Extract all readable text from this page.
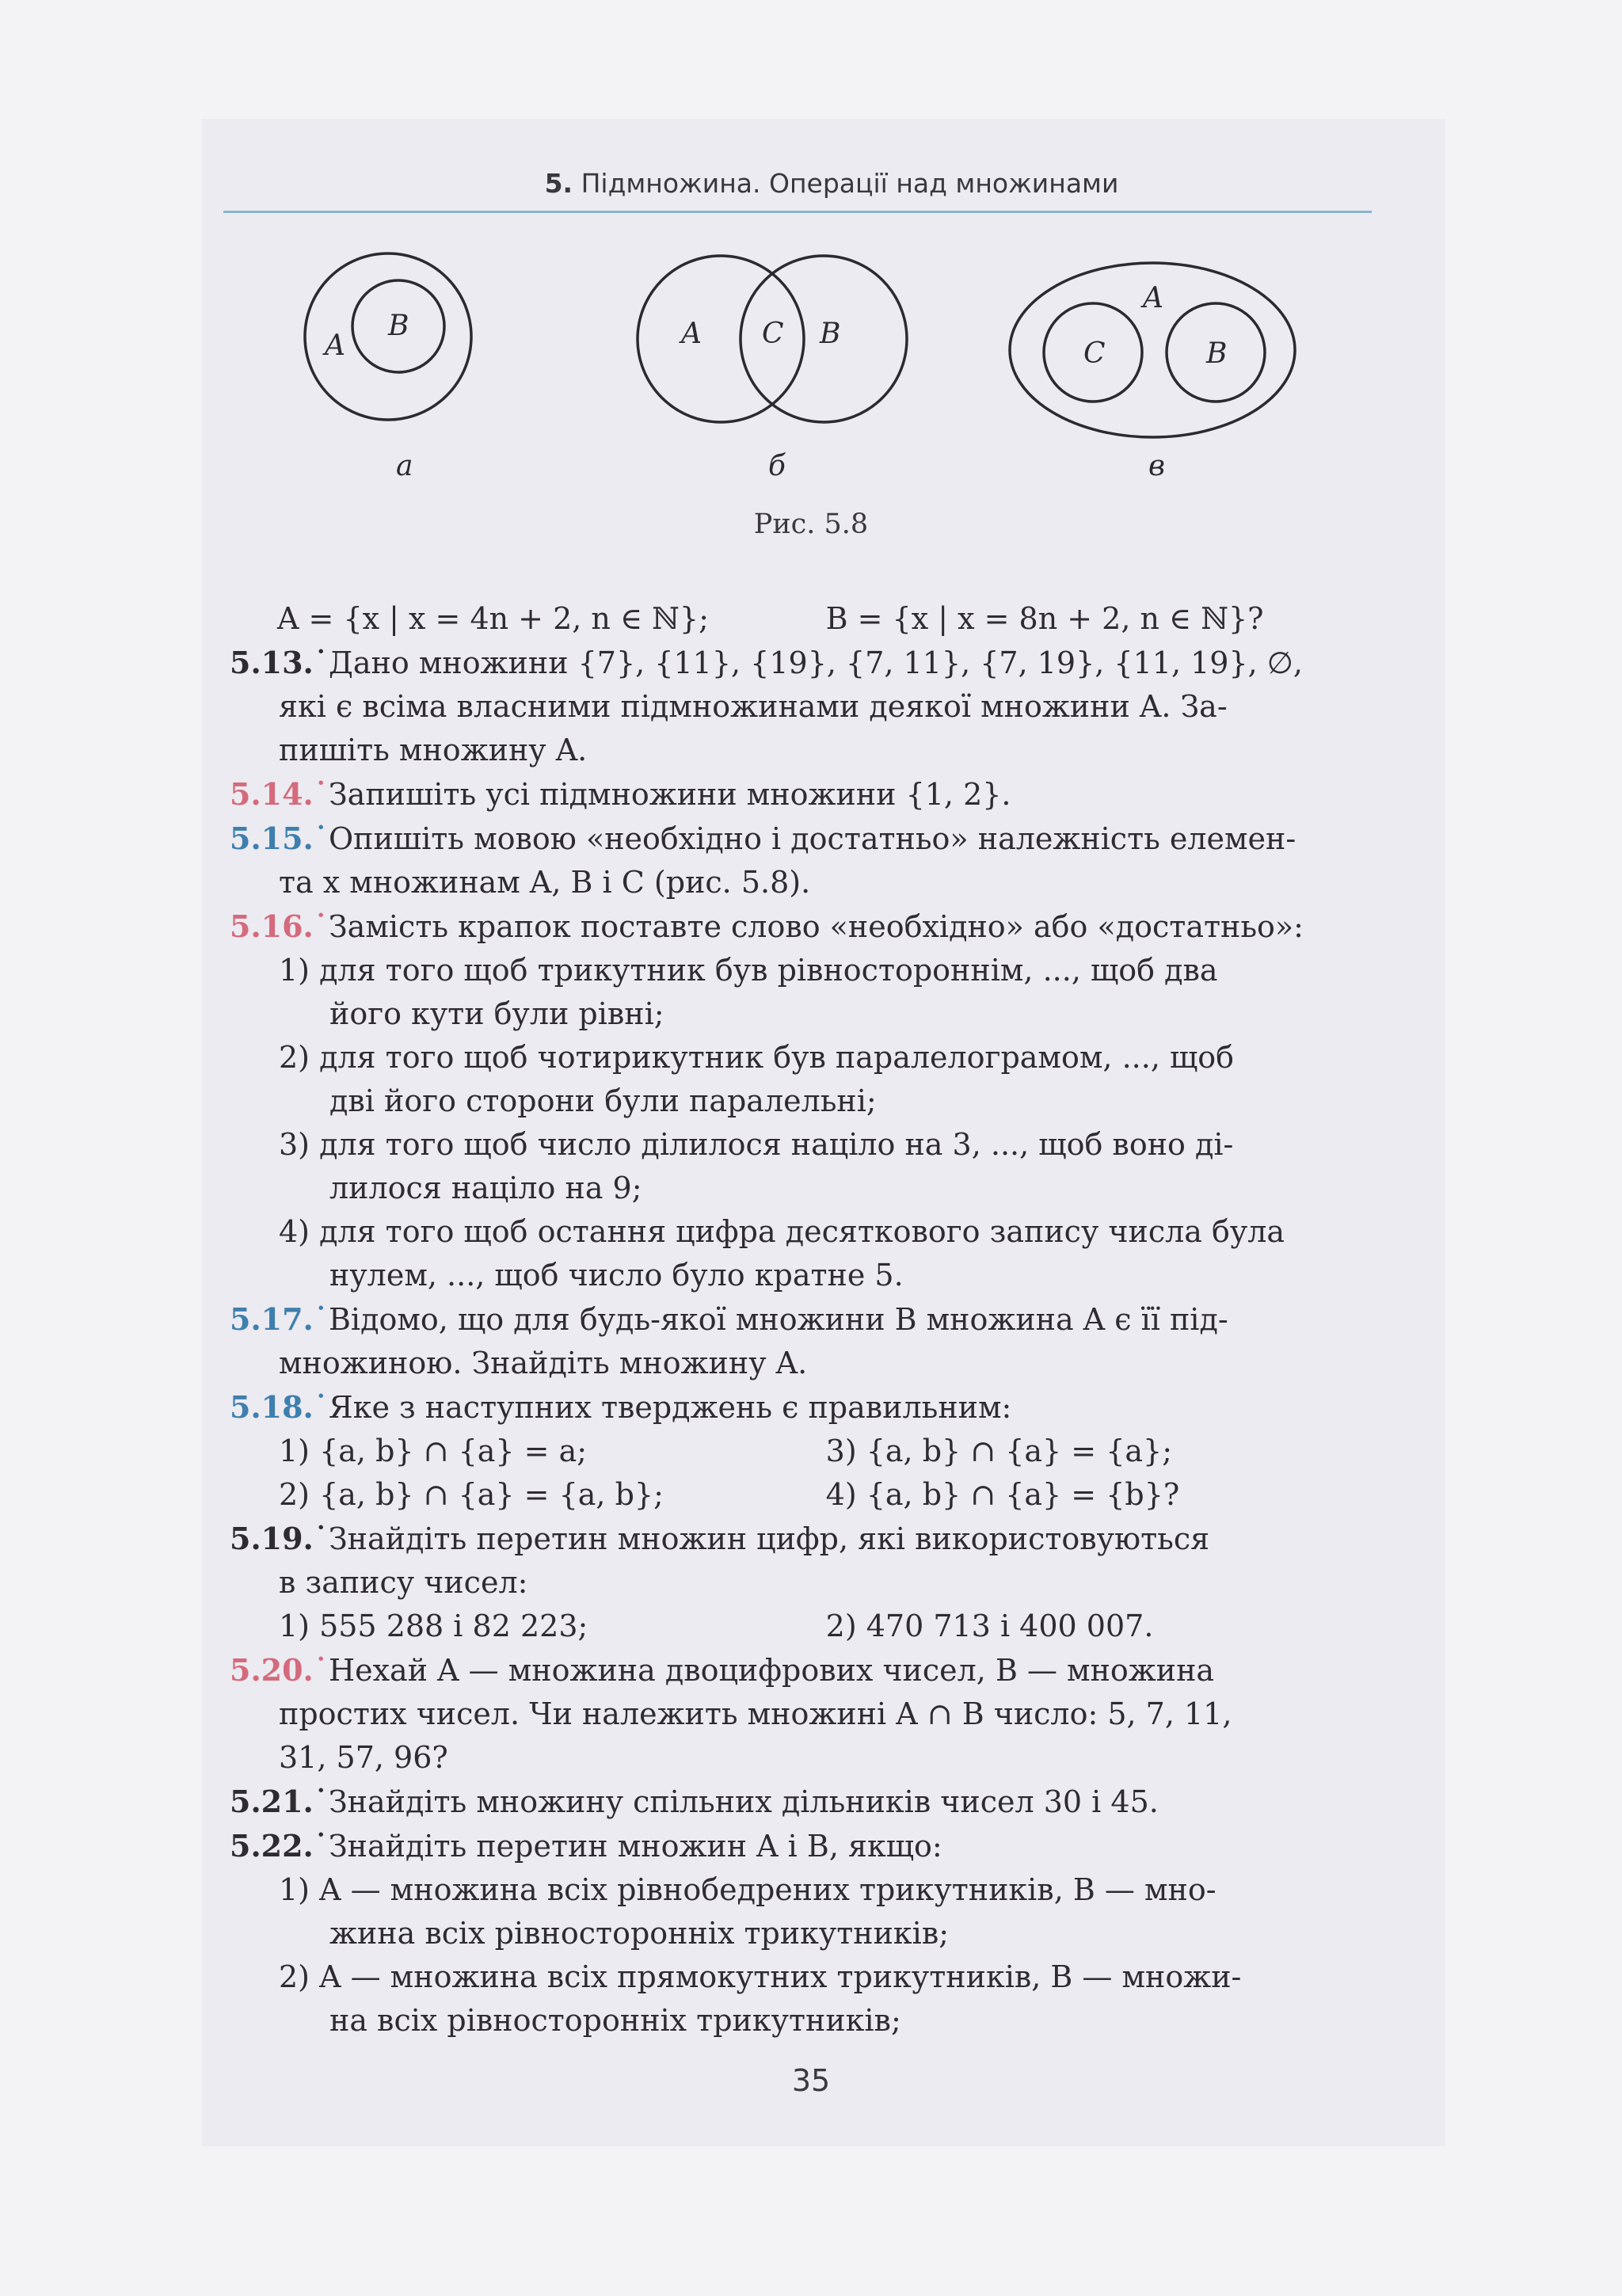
5. Підмножина. Операції над множинами
A
B	A C B
A
C	B
а	б	в
Рис. 5.8
A = {x | x = 4n + 2, n ∈ ℕ};	B = {x | x = 8n + 2, n ∈ ℕ}?
5.13.˙Дано множини {7}, {11}, {19}, {7, 11}, {7, 19}, {11, 19}, ∅,
які є всіма власними підмножинами деякої множини A. За-
пишіть множину A.
5.14.˙Запишіть усі підмножини множини {1, 2}.
5.15.˙Опишіть мовою «необхідно і достатньо» належність елемен-
та x множинам A, B і C (рис. 5.8).
5.16.˙Замість крапок поставте слово «необхідно» або «достатньо»:
1) для того щоб трикутник був рівностороннім, ..., щоб два
його кути були рівні;
2) для того щоб чотирикутник був паралелограмом, ..., щоб
дві його сторони були паралельні;
3) для того щоб число ділилося націло на 3, ..., щоб воно ді-
лилося націло на 9;
4) для того щоб остання цифра десяткового запису числа була
нулем, ..., щоб число було кратне 5.
5.17.˙Відомо, що для будь-якої множини B множина A є її під-
множиною. Знайдіть множину A.
5.18.˙Яке з наступних тверджень є правильним:
1) {a, b} ∩ {a} = a;	3) {a, b} ∩ {a} = {a};
2) {a, b} ∩ {a} = {a, b};	4) {a, b} ∩ {a} = {b}?
5.19.˙Знайдіть перетин множин цифр, які використовуються
в запису чисел:
1) 555 288 і 82 223;	2) 470 713 і 400 007.
5.20.˙Нехай A — множина двоцифрових чисел, B — множина
простих чисел. Чи належить множині A ∩ B число: 5, 7, 11,
31, 57, 96?
5.21.˙Знайдіть множину спільних дільників чисел 30 і 45.
5.22.˙Знайдіть перетин множин A і B, якщо:
1) A — множина всіх рівнобедрених трикутників, B — мно-
жина всіх рівносторонніх трикутників;
2) A — множина всіх прямокутних трикутників, B — множи-
на всіх рівносторонніх трикутників;
35
